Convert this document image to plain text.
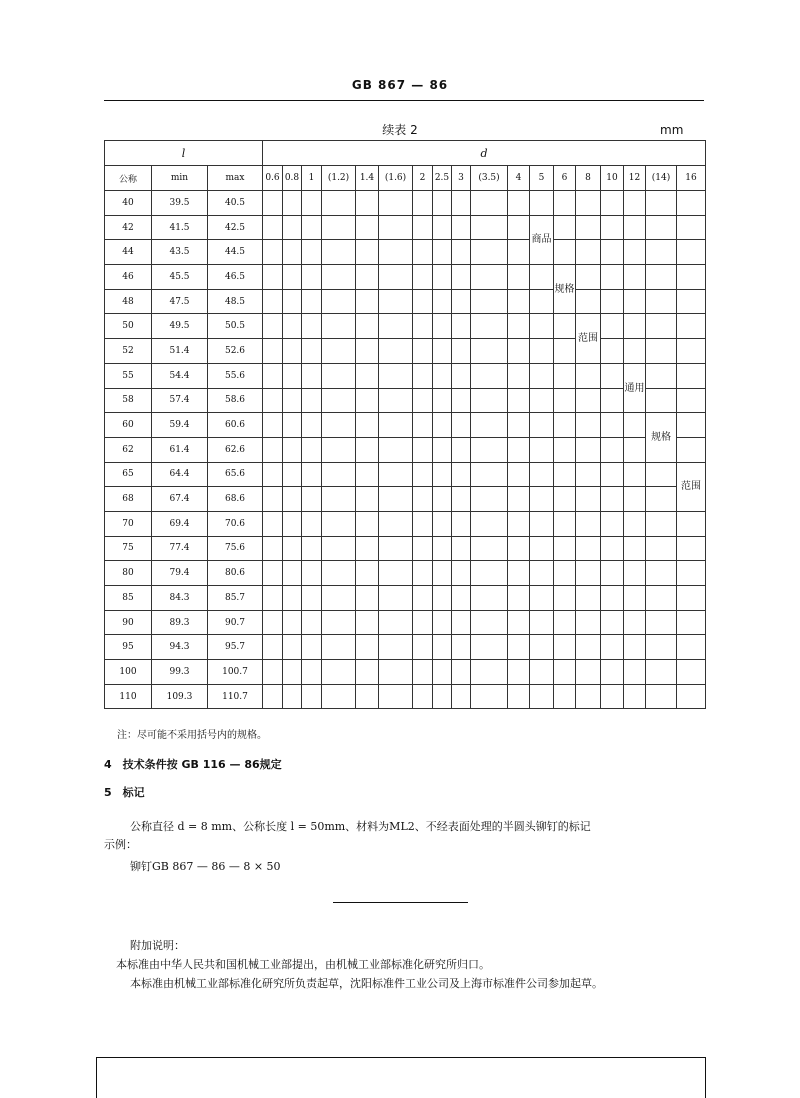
GB 867 — 86
续表 2	mm
l			d																	
公称	min	max	0.6	0.8	1	(1.2)	1.4	(1.6)	2	2.5	3	(3.5)	4	5	6	8	10	12	(14)	16
40	39.5	40.5																		
42	41.5	42.5												商品						
44	43.5	44.5																		
46	45.5	46.5													规格					
48	47.5	48.5																		
50	49.5	50.5														范围				
52	51.4	52.6																		
55	54.4	55.6																通用		
58	57.4	58.6																		
60	59.4	60.6																	规格	
62	61.4	62.6																		
65	64.4	65.6																		范围
68	67.4	68.6																		
70	69.4	70.6																		
75	77.4	75.6																		
80	79.4	80.6																		
85	84.3	85.7																		
90	89.3	90.7																		
95	94.3	95.7																		
100	99.3	100.7																		
110	109.3	110.7																		
注：尽可能不采用括号内的规格。
4　技术条件按 GB 116 — 86规定
5　标记
公称直径 d = 8 mm、公称长度 l = 50mm、材料为ML2、不经表面处理的半圆头铆钉的标记
示例：
铆钉GB 867 — 86 — 8 × 50
附加说明：
本标准由中华人民共和国机械工业部提出，由机械工业部标准化研究所归口。
本标准由机械工业部标准化研究所负责起草，沈阳标准件工业公司及上海市标准件公司参加起草。
